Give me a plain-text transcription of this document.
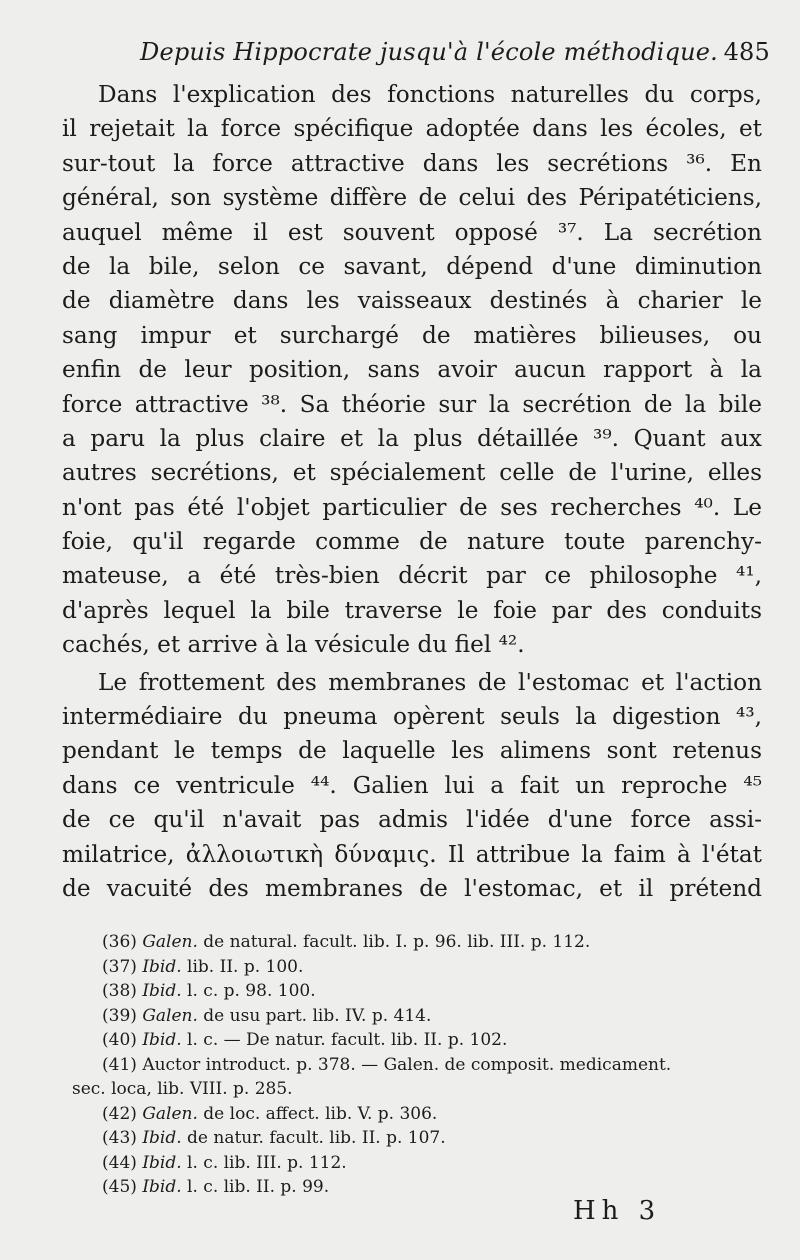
Depuis Hippocrate jusqu'à l'école méthodique. 485
Dans l'explication des fonctions naturelles du corps,
il rejetait la force spécifique adoptée dans les écoles, et
sur-tout la force attractive dans les secrétions ³⁶. En
général, son système diffère de celui des Péripatéticiens,
auquel même il est souvent opposé ³⁷. La secrétion
de la bile, selon ce savant, dépend d'une diminution
de diamètre dans les vaisseaux destinés à charier le
sang impur et surchargé de matières bilieuses, ou
enfin de leur position, sans avoir aucun rapport à la
force attractive ³⁸. Sa théorie sur la secrétion de la bile
a paru la plus claire et la plus détaillée ³⁹. Quant aux
autres secrétions, et spécialement celle de l'urine, elles
n'ont pas été l'objet particulier de ses recherches ⁴⁰. Le
foie, qu'il regarde comme de nature toute parenchy-
mateuse, a été très-bien décrit par ce philosophe ⁴¹,
d'après lequel la bile traverse le foie par des conduits
cachés, et arrive à la vésicule du fiel ⁴².
Le frottement des membranes de l'estomac et l'action
intermédiaire du pneuma opèrent seuls la digestion ⁴³,
pendant le temps de laquelle les alimens sont retenus
dans ce ventricule ⁴⁴. Galien lui a fait un reproche ⁴⁵
de ce qu'il n'avait pas admis l'idée d'une force assi-
milatrice, ἀλλοιωτικὴ δύναμις. Il attribue la faim à l'état
de vacuité des membranes de l'estomac, et il prétend
(36) Galen. de natural. facult. lib. I. p. 96. lib. III. p. 112.
(37) Ibid. lib. II. p. 100.
(38) Ibid. l. c. p. 98. 100.
(39) Galen. de usu part. lib. IV. p. 414.
(40) Ibid. l. c. — De natur. facult. lib. II. p. 102.
(41) Auctor introduct. p. 378. — Galen. de composit. medicament.
sec. loca, lib. VIII. p. 285.
(42) Galen. de loc. affect. lib. V. p. 306.
(43) Ibid. de natur. facult. lib. II. p. 107.
(44) Ibid. l. c. lib. III. p. 112.
(45) Ibid. l. c. lib. II. p. 99.
Hh 3
